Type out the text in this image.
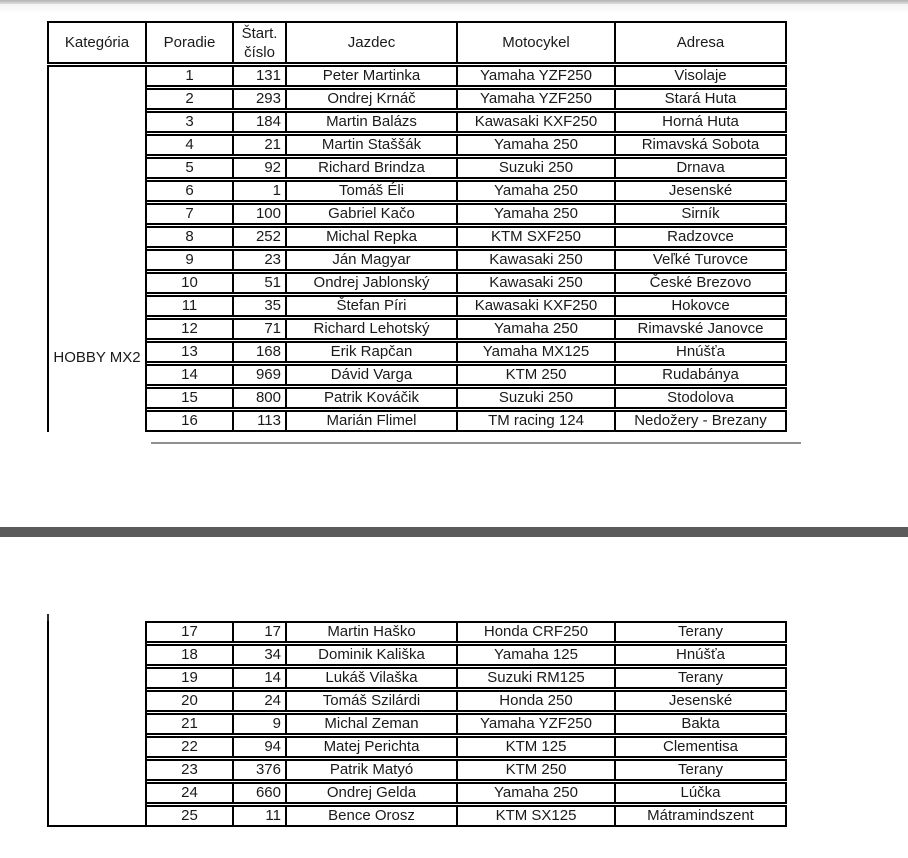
Kategória	Poradie	Štart. číslo	Jazdec	Motocykel	Adresa
HOBBY MX2	1	131	Peter Martinka	Yamaha YZF250	Visolaje
	2	293	Ondrej Krnáč	Yamaha YZF250	Stará Huta
	3	184	Martin Balázs	Kawasaki KXF250	Horná Huta
	4	21	Martin Staššák	Yamaha 250	Rimavská Sobota
	5	92	Richard Brindza	Suzuki 250	Drnava
	6	1	Tomáš Éli	Yamaha 250	Jesenské
	7	100	Gabriel Kačo	Yamaha 250	Sirník
	8	252	Michal Repka	KTM SXF250	Radzovce
	9	23	Ján Magyar	Kawasaki 250	Veľké Turovce
	10	51	Ondrej Jablonský	Kawasaki 250	České Brezovo
	11	35	Štefan Píri	Kawasaki KXF250	Hokovce
	12	71	Richard Lehotský	Yamaha 250	Rimavské Janovce
	13	168	Erik Rapčan	Yamaha MX125	Hnúšťa
	14	969	Dávid Varga	KTM 250	Rudabánya
	15	800	Patrik Kováčik	Suzuki 250	Stodolova
	16	113	Marián Flimel	TM racing 124	Nedožery - Brezany
	17	17	Martin Haško	Honda CRF250	Terany
	18	34	Dominik Kališka	Yamaha 125	Hnúšťa
	19	14	Lukáš Vilaška	Suzuki RM125	Terany
	20	24	Tomáš Szilárdi	Honda 250	Jesenské
	21	9	Michal Zeman	Yamaha YZF250	Bakta
	22	94	Matej Perichta	KTM 125	Clementisa
	23	376	Patrik Matyó	KTM 250	Terany
	24	660	Ondrej Gelda	Yamaha 250	Lúčka
	25	11	Bence Orosz	KTM SX125	Mátramindszent
